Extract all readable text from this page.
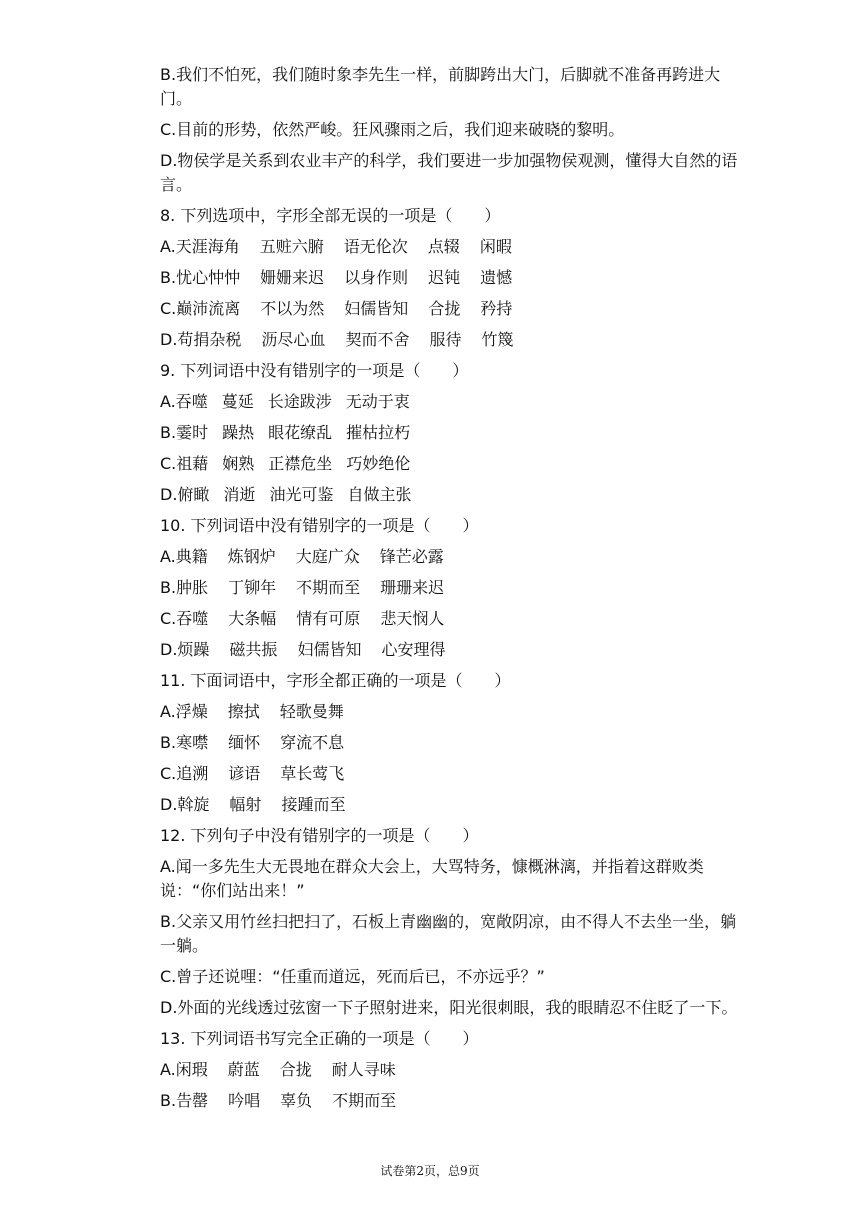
B.我们不怕死，我们随时象李先生一样，前脚跨出大门，后脚就不准备再跨进大门。
C.目前的形势，依然严峻。狂风骤雨之后，我们迎来破晓的黎明。
D.物侯学是关系到农业丰产的科学，我们要进一步加强物侯观测，懂得大自然的语言。
8. 下列选项中，字形全部无误的一项是（　　）
A.天涯海角 五赃六腑 语无伦次 点辍 闲暇
B.忧心忡忡 姗姗来迟 以身作则 迟钝 遗憾
C.巅沛流离 不以为然 妇儒皆知 合拢 矜持
D.苟捐杂税 沥尽心血 契而不舍 服待 竹篾
9. 下列词语中没有错别字的一项是（　　）
A.吞噬 蔓延 长途跋涉 无动于衷
B.霎时 躁热 眼花缭乱 摧枯拉朽
C.祖藉 娴熟 正襟危坐 巧妙绝伦
D.俯瞰 消逝 油光可鉴 自做主张
10. 下列词语中没有错别字的一项是（　　）
A.典籍 炼钢炉 大庭广众 锋芒必露
B.肿胀 丁铆年 不期而至 珊珊来迟
C.吞噬 大条幅 情有可原 悲天悯人
D.烦躁 磁共振 妇儒皆知 心安理得
11. 下面词语中，字形全都正确的一项是（　　）
A.浮燥 擦拭 轻歌曼舞
B.寒噤 缅怀 穿流不息
C.追溯 谚语 草长莺飞
D.斡旋 幅射 接踵而至
12. 下列句子中没有错别字的一项是（　　）
A.闻一多先生大无畏地在群众大会上，大骂特务，慷概淋漓，并指着这群败类说：“你们站出来！”
B.父亲又用竹丝扫把扫了，石板上青幽幽的，宽敞阴凉，由不得人不去坐一坐，躺一躺。
C.曾子还说哩：“任重而道远，死而后已，不亦远乎？”
D.外面的光线透过弦窗一下子照射进来，阳光很刺眼，我的眼睛忍不住眨了一下。
13. 下列词语书写完全正确的一项是（　　）
A.闲瑕 蔚蓝 合拢 耐人寻味
B.告罄 吟唱 辜负 不期而至
试卷第2页，总9页
